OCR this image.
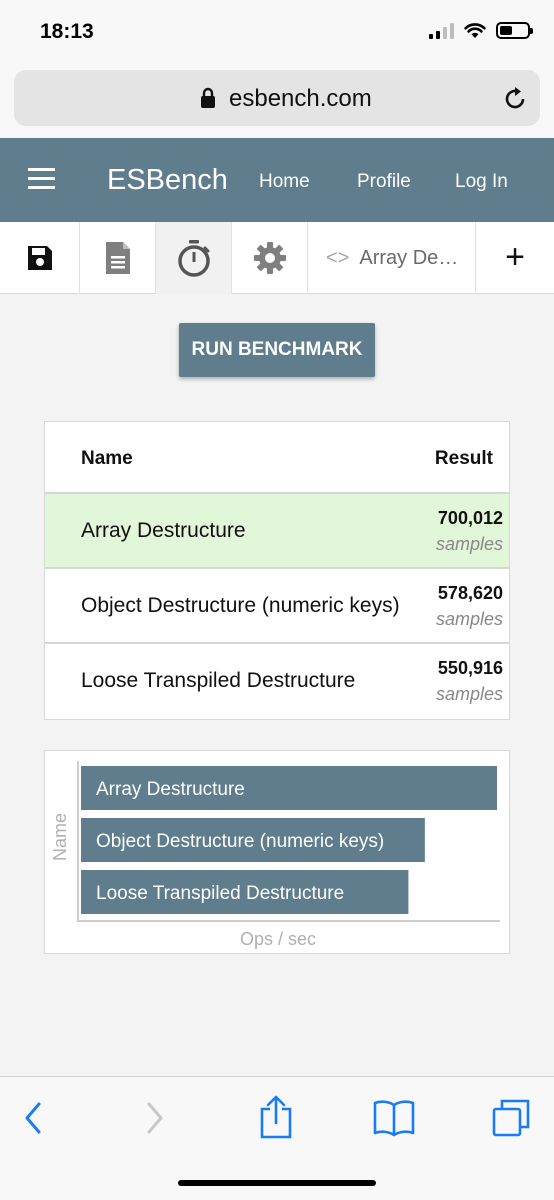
18:13
esbench.com
ESBench Home Profile Log In
<> Array De…	+
RUN BENCHMARK
Name	Result
Array Destructure
700,012
samples
Object Destructure (numeric keys)
578,620
samples
Loose Transpiled Destructure
550,916
samples
Array Destructure
Object Destructure (numeric keys)
Loose Transpiled Destructure
Ops / sec
Name
